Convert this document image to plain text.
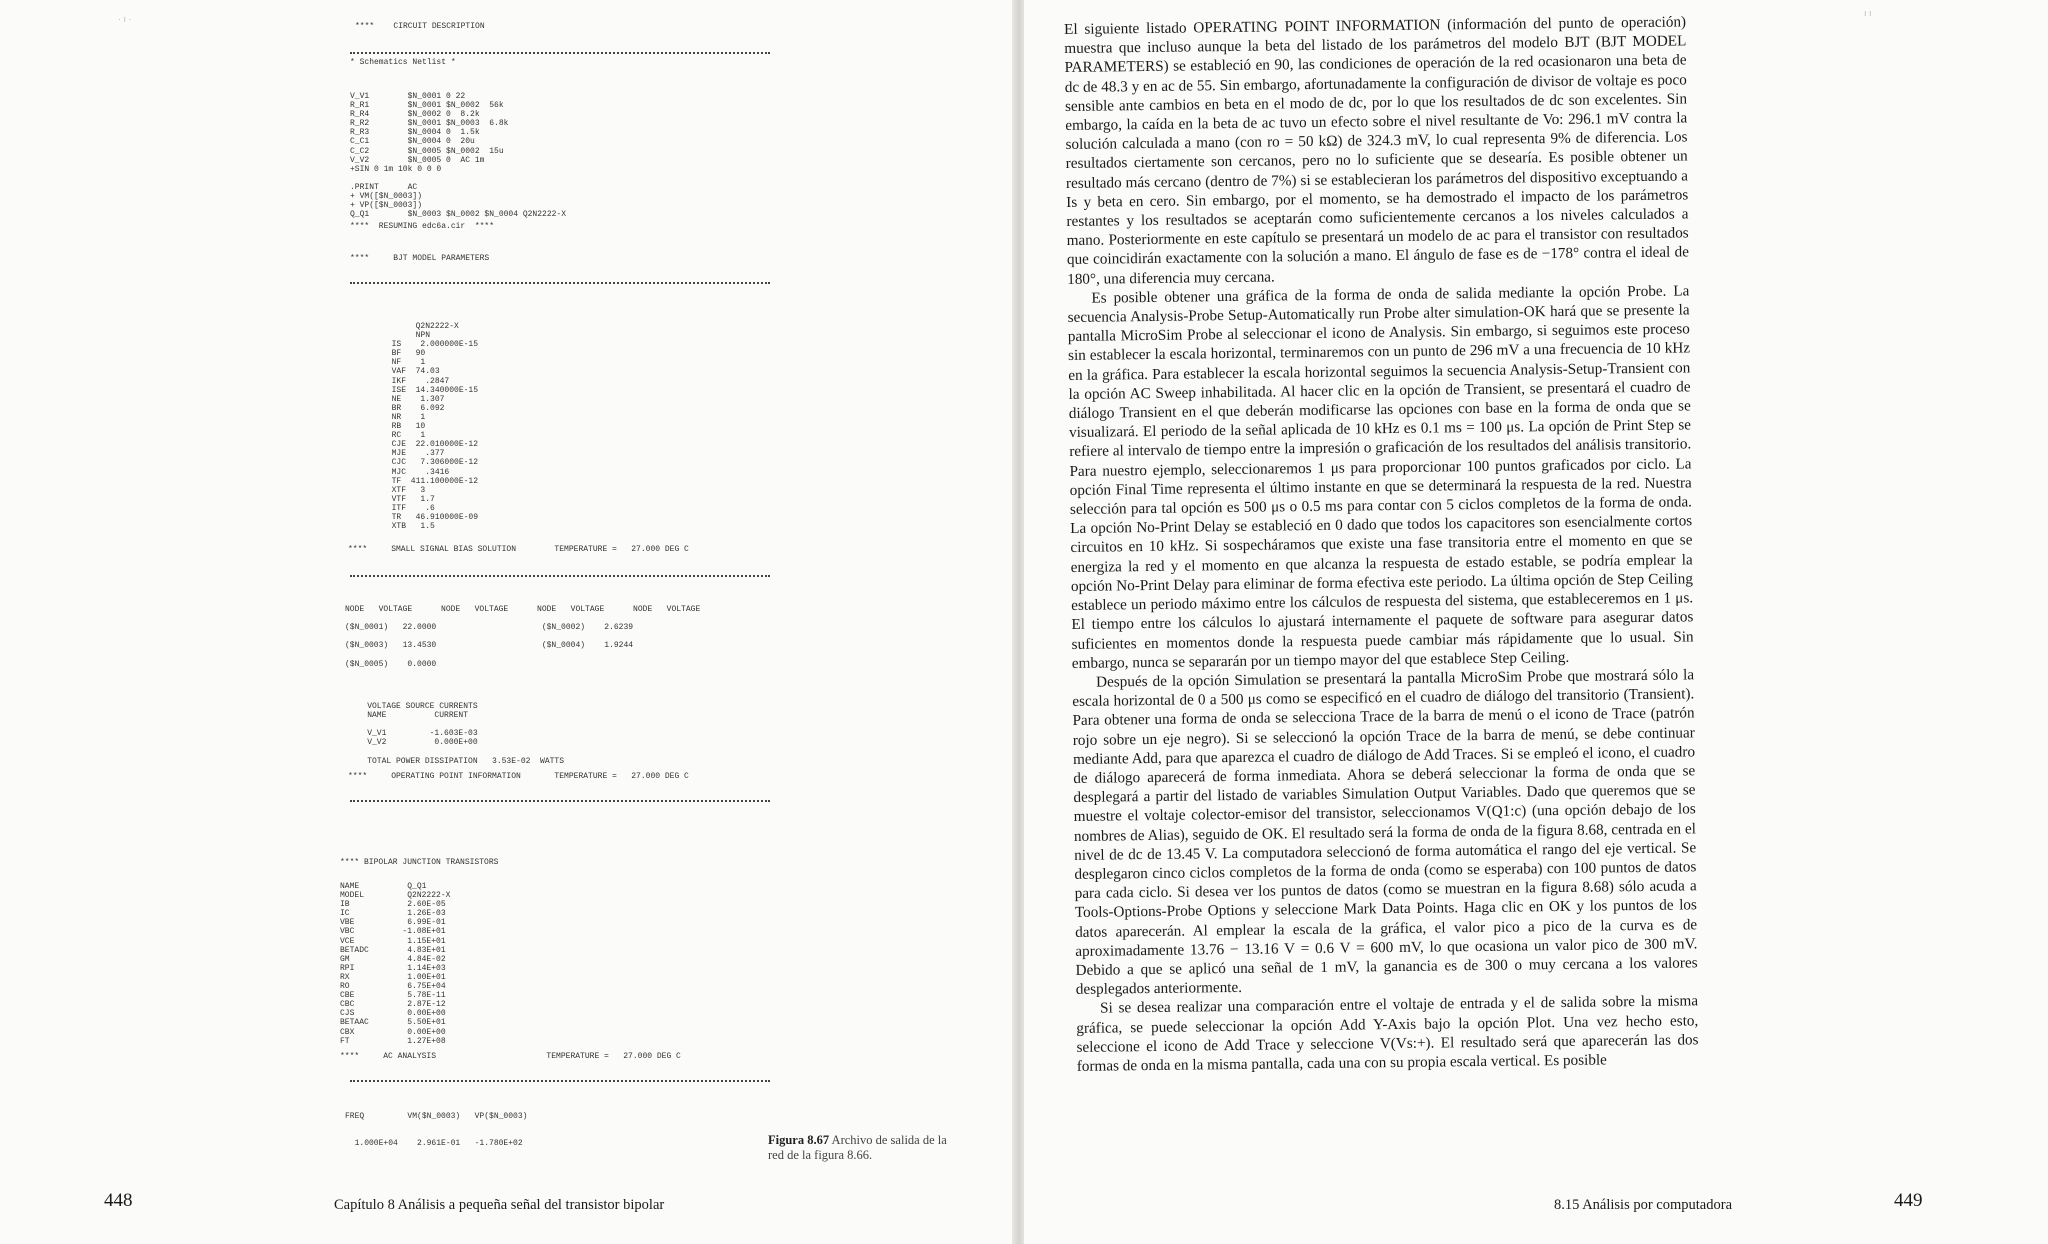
· ı ·
****    CIRCUIT DESCRIPTION
* Schematics Netlist *
V_V1        $N_0001 0 22
R_R1        $N_0001 $N_0002  56k
R_R4        $N_0002 0  8.2k
R_R2        $N_0001 $N_0003  6.8k
R_R3        $N_0004 0  1.5k
C_C1        $N_0004 0  20u
C_C2        $N_0005 $N_0002  15u
V_V2        $N_0005 0  AC 1m
+SIN 0 1m 10k 0 0 0

.PRINT      AC
+ VM([$N_0003])
+ VP([$N_0003])
Q_Q1        $N_0003 $N_0002 $N_0004 Q2N2222-X
****  RESUMING edc6a.cir  ****
****     BJT MODEL PARAMETERS
Q2N2222-X
NPN
IS    2.000000E-15
BF   90
NF    1
VAF  74.03
IKF    .2847
ISE  14.340000E-15
NE    1.307
BR    6.092
NR    1
RB   10
RC    1
CJE  22.010000E-12
MJE    .377
CJC   7.306000E-12
MJC    .3416
TF  411.100000E-12
XTF   3
VTF   1.7
ITF    .6
TR   46.910000E-09
XTB   1.5
****     SMALL SIGNAL BIAS SOLUTION        TEMPERATURE =   27.000 DEG C
NODE   VOLTAGE      NODE   VOLTAGE      NODE   VOLTAGE      NODE   VOLTAGE

($N_0001)   22.0000                      ($N_0002)    2.6239

($N_0003)   13.4530                      ($N_0004)    1.9244

($N_0005)    0.0000
VOLTAGE SOURCE CURRENTS
NAME          CURRENT

V_V1         -1.603E-03
V_V2          0.000E+00

TOTAL POWER DISSIPATION   3.53E-02  WATTS
****     OPERATING POINT INFORMATION       TEMPERATURE =   27.000 DEG C
**** BIPOLAR JUNCTION TRANSISTORS
NAME          Q_Q1
MODEL         Q2N2222-X
IB            2.60E-05
IC            1.26E-03
VBE           6.99E-01
VBC          -1.08E+01
VCE           1.15E+01
BETADC        4.83E+01
GM            4.84E-02
RPI           1.14E+03
RX            1.00E+01
RO            6.75E+04
CBE           5.78E-11
CBC           2.87E-12
CJS           0.00E+00
BETAAC        5.50E+01
CBX           0.00E+00
FT            1.27E+08
****     AC ANALYSIS                       TEMPERATURE =   27.000 DEG C
FREQ         VM($N_0003)   VP($N_0003)

1.000E+04    2.961E-01   -1.780E+02	Figura 8.67 Archivo de salida de la red de la figura 8.66.
448	Capítulo 8 Análisis a pequeña señal del transistor bipolar
ı ı
449
8.15 Análisis por computadora

El siguiente listado OPERATING POINT INFORMATION (información del punto de operación) muestra que incluso aunque la beta del listado de los parámetros del modelo BJT (BJT MODEL PARAMETERS) se estableció en 90, las condiciones de operación de la red ocasionaron una beta de dc de 48.3 y en ac de 55. Sin embargo, afortunadamente la configuración de divisor de voltaje es poco sensible ante cambios en beta en el modo de dc, por lo que los resultados de dc son excelentes. Sin embargo, la caída en la beta de ac tuvo un efecto sobre el nivel resultante de Vo: 296.1 mV contra la solución calculada a mano (con ro = 50 kΩ) de 324.3 mV, lo cual representa 9% de diferencia. Los resultados ciertamente son cercanos, pero no lo suficiente que se desearía. Es posible obtener un resultado más cercano (dentro de 7%) si se establecieran los parámetros del dispositivo exceptuando a Is y beta en cero. Sin embargo, por el momento, se ha demostrado el impacto de los parámetros restantes y los resultados se aceptarán como suficientemente cercanos a los niveles calculados a mano. Posteriormente en este capítulo se presentará un modelo de ac para el transistor con resultados que coincidirán exactamente con la solución a mano. El ángulo de fase es de −178° contra el ideal de 180°, una diferencia muy cercana.

Es posible obtener una gráfica de la forma de onda de salida mediante la opción Probe. La secuencia Analysis-Probe Setup-Automatically run Probe alter simulation-OK hará que se presente la pantalla MicroSim Probe al seleccionar el icono de Analysis. Sin embargo, si seguimos este proceso sin establecer la escala horizontal, terminaremos con un punto de 296 mV a una frecuencia de 10 kHz en la gráfica. Para establecer la escala horizontal seguimos la secuencia Analysis-Setup-Transient con la opción AC Sweep inhabilitada. Al hacer clic en la opción de Transient, se presentará el cuadro de diálogo Transient en el que deberán modificarse las opciones con base en la forma de onda que se visualizará. El periodo de la señal aplicada de 10 kHz es 0.1 ms = 100 μs. La opción de Print Step se refiere al intervalo de tiempo entre la impresión o graficación de los resultados del análisis transitorio. Para nuestro ejemplo, seleccionaremos 1 μs para proporcionar 100 puntos graficados por ciclo. La opción Final Time representa el último instante en que se determinará la respuesta de la red. Nuestra selección para tal opción es 500 μs o 0.5 ms para contar con 5 ciclos completos de la forma de onda. La opción No-Print Delay se estableció en 0 dado que todos los capacitores son esencialmente cortos circuitos en 10 kHz. Si sospecháramos que existe una fase transitoria entre el momento en que se energiza la red y el momento en que alcanza la respuesta de estado estable, se podría emplear la opción No-Print Delay para eliminar de forma efectiva este periodo. La última opción de Step Ceiling establece un periodo máximo entre los cálculos de respuesta del sistema, que estableceremos en 1 μs. El tiempo entre los cálculos lo ajustará internamente el paquete de software para asegurar datos suficientes en momentos donde la respuesta puede cambiar más rápidamente que lo usual. Sin embargo, nunca se separarán por un tiempo mayor del que establece Step Ceiling.

Después de la opción Simulation se presentará la pantalla MicroSim Probe que mostrará sólo la escala horizontal de 0 a 500 μs como se especificó en el cuadro de diálogo del transitorio (Transient). Para obtener una forma de onda se selecciona Trace de la barra de menú o el icono de Trace (patrón rojo sobre un eje negro). Si se seleccionó la opción Trace de la barra de menú, se debe continuar mediante Add, para que aparezca el cuadro de diálogo de Add Traces. Si se empleó el icono, el cuadro de diálogo aparecerá de forma inmediata. Ahora se deberá seleccionar la forma de onda que se desplegará a partir del listado de variables Simulation Output Variables. Dado que queremos que se muestre el voltaje colector-emisor del transistor, seleccionamos V(Q1:c) (una opción debajo de los nombres de Alias), seguido de OK. El resultado será la forma de onda de la figura 8.68, centrada en el nivel de dc de 13.45 V. La computadora seleccionó de forma automática el rango del eje vertical. Se desplegaron cinco ciclos completos de la forma de onda (como se esperaba) con 100 puntos de datos para cada ciclo. Si desea ver los puntos de datos (como se muestran en la figura 8.68) sólo acuda a Tools-Options-Probe Options y seleccione Mark Data Points. Haga clic en OK y los puntos de los datos aparecerán. Al emplear la escala de la gráfica, el valor pico a pico de la curva es de aproximadamente 13.76 − 13.16 V = 0.6 V = 600 mV, lo que ocasiona un valor pico de 300 mV. Debido a que se aplicó una señal de 1 mV, la ganancia es de 300 o muy cercana a los valores desplegados anteriormente.

Si se desea realizar una comparación entre el voltaje de entrada y el de salida sobre la misma gráfica, se puede seleccionar la opción Add Y-Axis bajo la opción Plot. Una vez hecho esto, seleccione el icono de Add Trace y seleccione V(Vs:+). El resultado será que aparecerán las dos formas de onda en la misma pantalla, cada una con su propia escala vertical. Es posible
